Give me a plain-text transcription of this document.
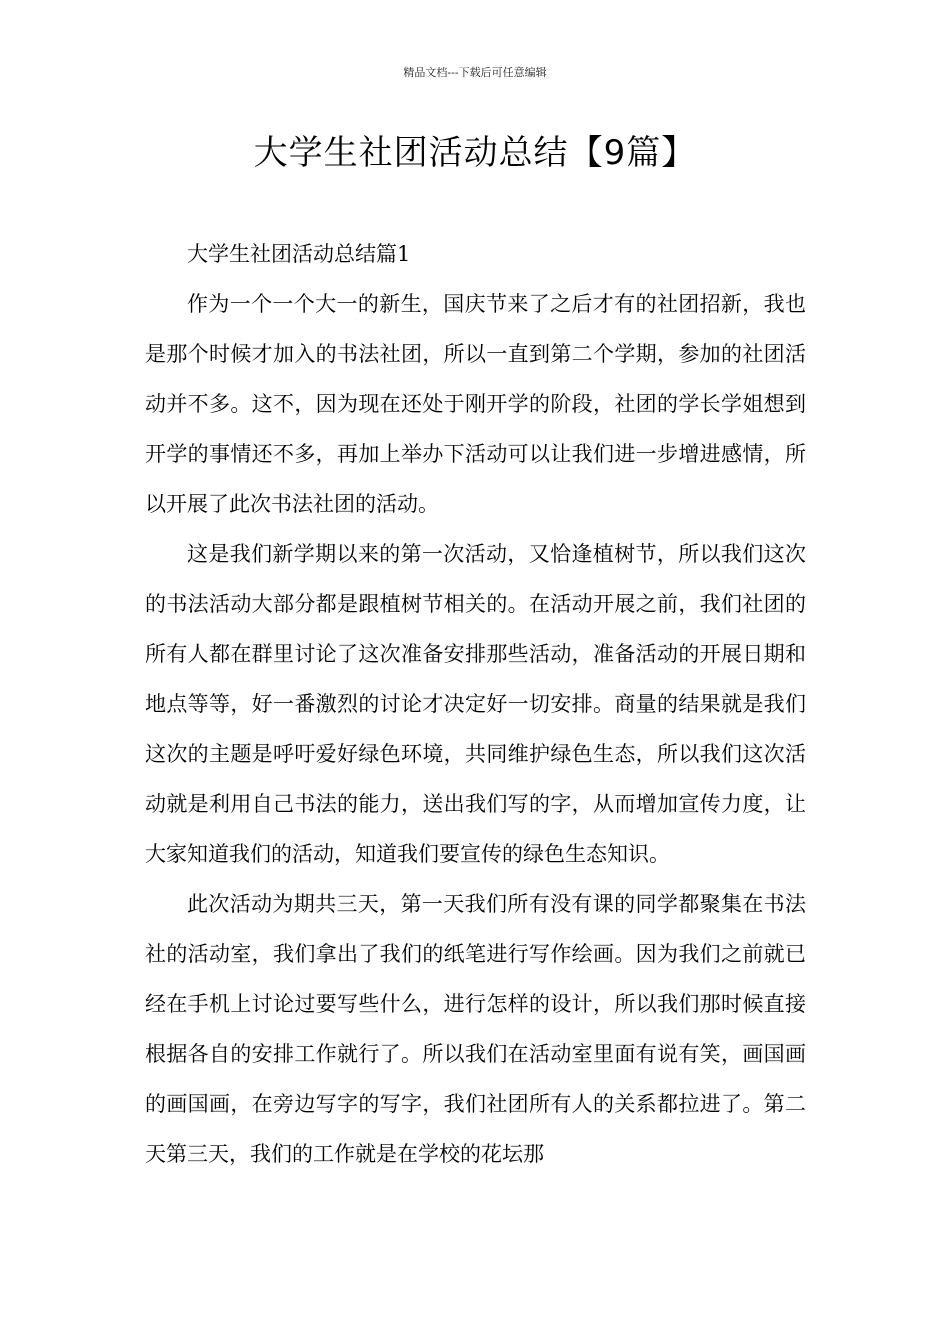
精品文档---下载后可任意编辑
大学生社团活动总结【9篇】

大学生社团活动总结篇1

作为一个一个大一的新生，国庆节来了之后才有的社团招新，我也是那个时候才加入的书法社团，所以一直到第二个学期，参加的社团活动并不多。这不，因为现在还处于刚开学的阶段，社团的学长学姐想到开学的事情还不多，再加上举办下活动可以让我们进一步增进感情，所以开展了此次书法社团的活动。

这是我们新学期以来的第一次活动，又恰逢植树节，所以我们这次的书法活动大部分都是跟植树节相关的。在活动开展之前，我们社团的所有人都在群里讨论了这次准备安排那些活动，准备活动的开展日期和地点等等，好一番激烈的讨论才决定好一切安排。商量的结果就是我们这次的主题是呼吁爱好绿色环境，共同维护绿色生态，所以我们这次活动就是利用自己书法的能力，送出我们写的字，从而增加宣传力度，让大家知道我们的活动，知道我们要宣传的绿色生态知识。

此次活动为期共三天，第一天我们所有没有课的同学都聚集在书法社的活动室，我们拿出了我们的纸笔进行写作绘画。因为我们之前就已经在手机上讨论过要写些什么，进行怎样的设计，所以我们那时候直接根据各自的安排工作就行了。所以我们在活动室里面有说有笑，画国画的画国画，在旁边写字的写字，我们社团所有人的关系都拉进了。第二天第三天，我们的工作就是在学校的花坛那
